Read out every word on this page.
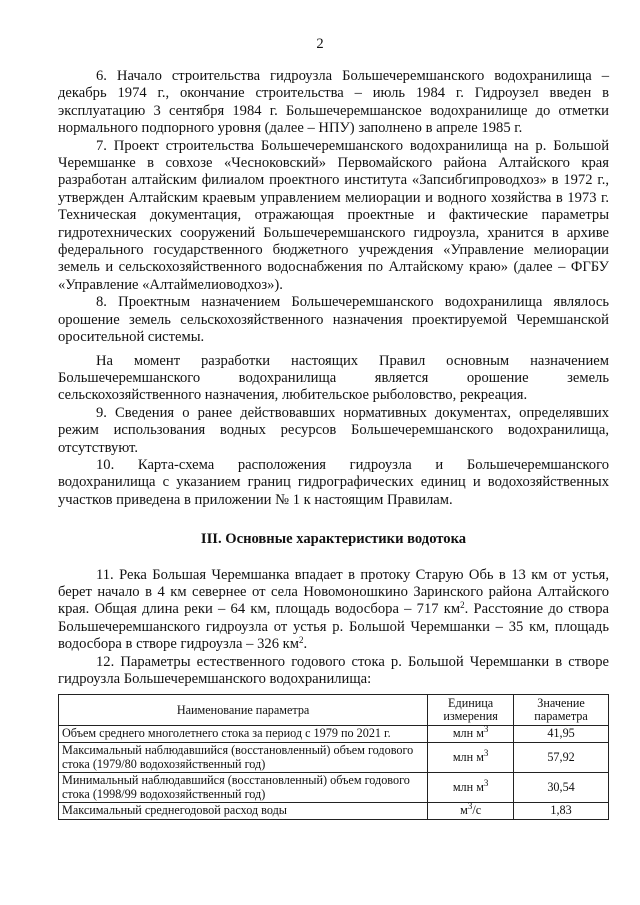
2

6. Начало строительства гидроузла Большечеремшанского водохранилища – декабрь 1974 г., окончание строительства – июль 1984 г. Гидроузел введен в эксплуатацию 3 сентября 1984 г. Большечеремшанское водохранилище до отметки нормального подпорного уровня (далее – НПУ) заполнено в апреле 1985 г.

7. Проект строительства Большечеремшанского водохранилища на р. Большой Черемшанке в совхозе «Чесноковский» Первомайского района Алтайского края разработан алтайским филиалом проектного института «Запсибгипроводхоз» в 1972 г., утвержден Алтайским краевым управлением мелиорации и водного хозяйства в 1973 г. Техническая документация, отражающая проектные и фактические параметры гидротехнических сооружений Большечеремшанского гидроузла, хранится в архиве федерального государственного бюджетного учреждения «Управление мелиорации земель и сельскохозяйственного водоснабжения по Алтайскому краю» (далее – ФГБУ «Управление «Алтаймелиоводхоз»).

8. Проектным назначением Большечеремшанского водохранилища являлось орошение земель сельскохозяйственного назначения проектируемой Черемшанской оросительной системы.

На момент разработки настоящих Правил основным назначением Большечеремшанского водохранилища является орошение земель сельскохозяйственного назначения, любительское рыболовство, рекреация.

9. Сведения о ранее действовавших нормативных документах, определявших режим использования водных ресурсов Большечеремшанского водохранилища, отсутствуют.

10. Карта-схема расположения гидроузла и Большечеремшанского водохранилища с указанием границ гидрографических единиц и водохозяйственных участков приведена в приложении № 1 к настоящим Правилам.

III. Основные характеристики водотока

11. Река Большая Черемшанка впадает в протоку Старую Обь в 13 км от устья, берет начало в 4 км севернее от села Новомоношкино Заринского района Алтайского края. Общая длина реки – 64 км, площадь водосбора – 717 $км^2$. Расстояние до створа Большечеремшанского гидроузла от устья р. Большой Черемшанки – 35 км, площадь водосбора в створе гидроузла – 326 $км^2$.

12. Параметры естественного годового стока р. Большой Черемшанки в створе гидроузла Большечеремшанского водохранилища:

Наименование параметра	Единица измерения	Значение параметра
Объем среднего многолетнего стока за период с 1979 по 2021 г.	млн $м^3$	41,95
Максимальный наблюдавшийся (восстановленный) объем годового стока (1979/80 водохозяйственный год)	млн $м^3$	57,92
Минимальный наблюдавшийся (восстановленный) объем годового стока (1998/99 водохозяйственный год)	млн $м^3$	30,54
Максимальный среднегодовой расход воды	$м^3/с$	1,83
